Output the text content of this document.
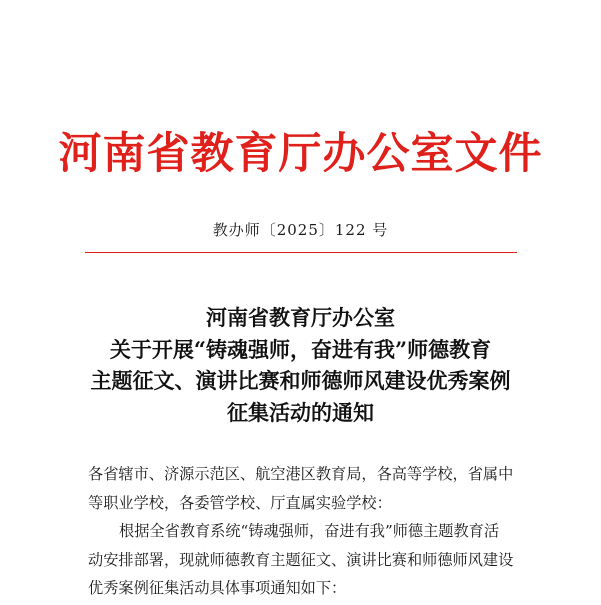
河南省教育厅办公室文件
教办师〔2025〕122 号
河南省教育厅办公室
关于开展“铸魂强师，奋进有我”师德教育
主题征文、演讲比赛和师德师风建设优秀案例
征集活动的通知
各省辖市、济源示范区、航空港区教育局，各高等学校，省属中
等职业学校，各委管学校、厅直属实验学校：
根据全省教育系统“铸魂强师，奋进有我”师德主题教育活
动安排部署，现就师德教育主题征文、演讲比赛和师德师风建设
优秀案例征集活动具体事项通知如下：
